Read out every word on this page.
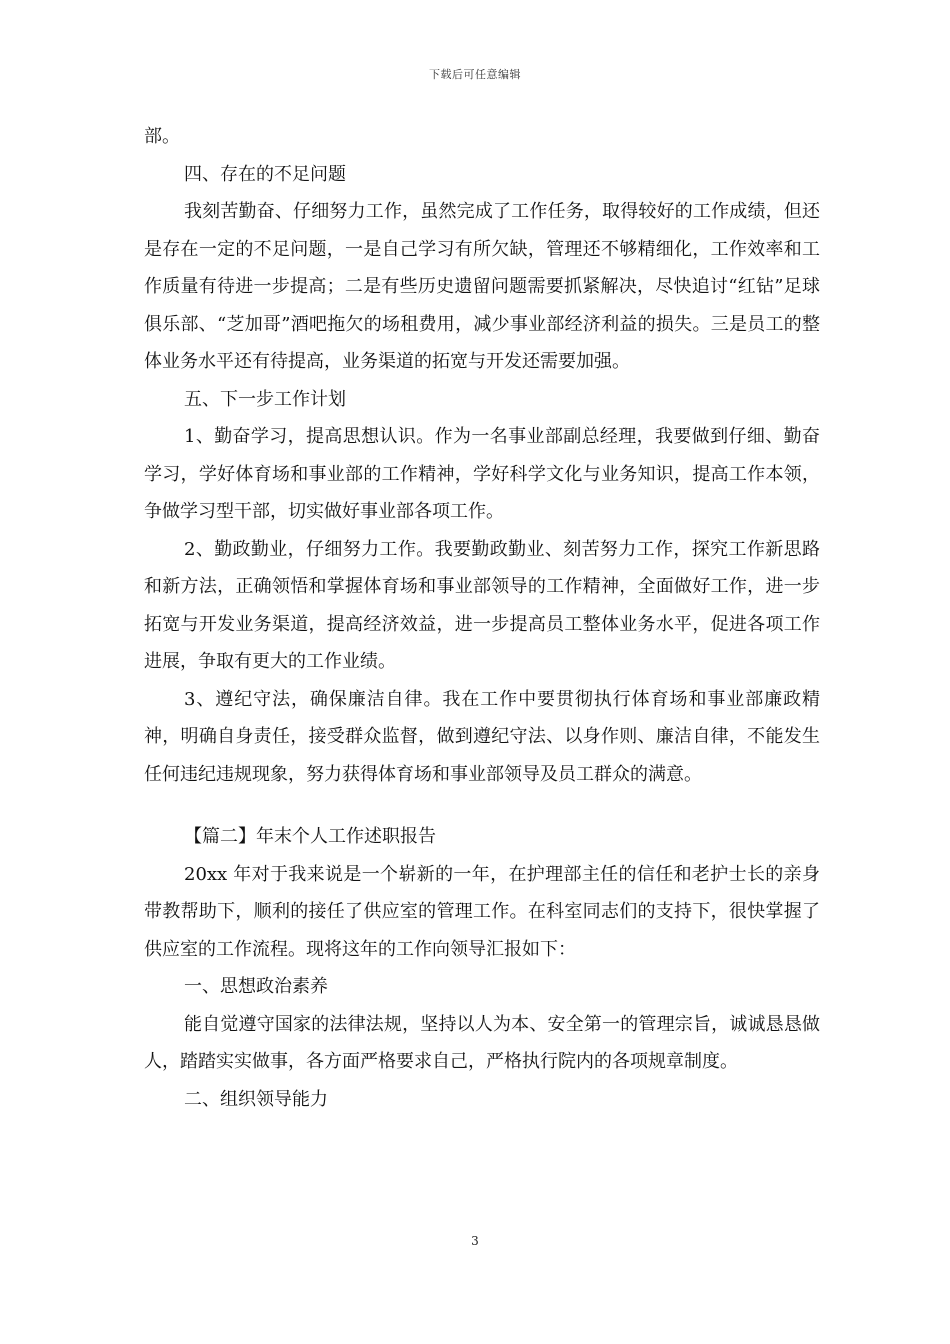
下载后可任意编辑

部。

四、存在的不足问题

我刻苦勤奋、仔细努力工作，虽然完成了工作任务，取得较好的工作成绩，但还是存在一定的不足问题，一是自己学习有所欠缺，管理还不够精细化，工作效率和工作质量有待进一步提高；二是有些历史遗留问题需要抓紧解决，尽快追讨“红钻”足球俱乐部、“芝加哥”酒吧拖欠的场租费用，减少事业部经济利益的损失。三是员工的整体业务水平还有待提高，业务渠道的拓宽与开发还需要加强。

五、下一步工作计划

1、勤奋学习，提高思想认识。作为一名事业部副总经理，我要做到仔细、勤奋学习，学好体育场和事业部的工作精神，学好科学文化与业务知识，提高工作本领，争做学习型干部，切实做好事业部各项工作。

2、勤政勤业，仔细努力工作。我要勤政勤业、刻苦努力工作，探究工作新思路和新方法，正确领悟和掌握体育场和事业部领导的工作精神，全面做好工作，进一步拓宽与开发业务渠道，提高经济效益，进一步提高员工整体业务水平，促进各项工作进展，争取有更大的工作业绩。

3、遵纪守法，确保廉洁自律。我在工作中要贯彻执行体育场和事业部廉政精神，明确自身责任，接受群众监督，做到遵纪守法、以身作则、廉洁自律，不能发生任何违纪违规现象，努力获得体育场和事业部领导及员工群众的满意。

【篇二】年末个人工作述职报告

20xx 年对于我来说是一个崭新的一年，在护理部主任的信任和老护士长的亲身带教帮助下，顺利的接任了供应室的管理工作。在科室同志们的支持下，很快掌握了供应室的工作流程。现将这年的工作向领导汇报如下：

一、思想政治素养

能自觉遵守国家的法律法规，坚持以人为本、安全第一的管理宗旨，诚诚恳恳做人，踏踏实实做事，各方面严格要求自己，严格执行院内的各项规章制度。

二、组织领导能力

3
